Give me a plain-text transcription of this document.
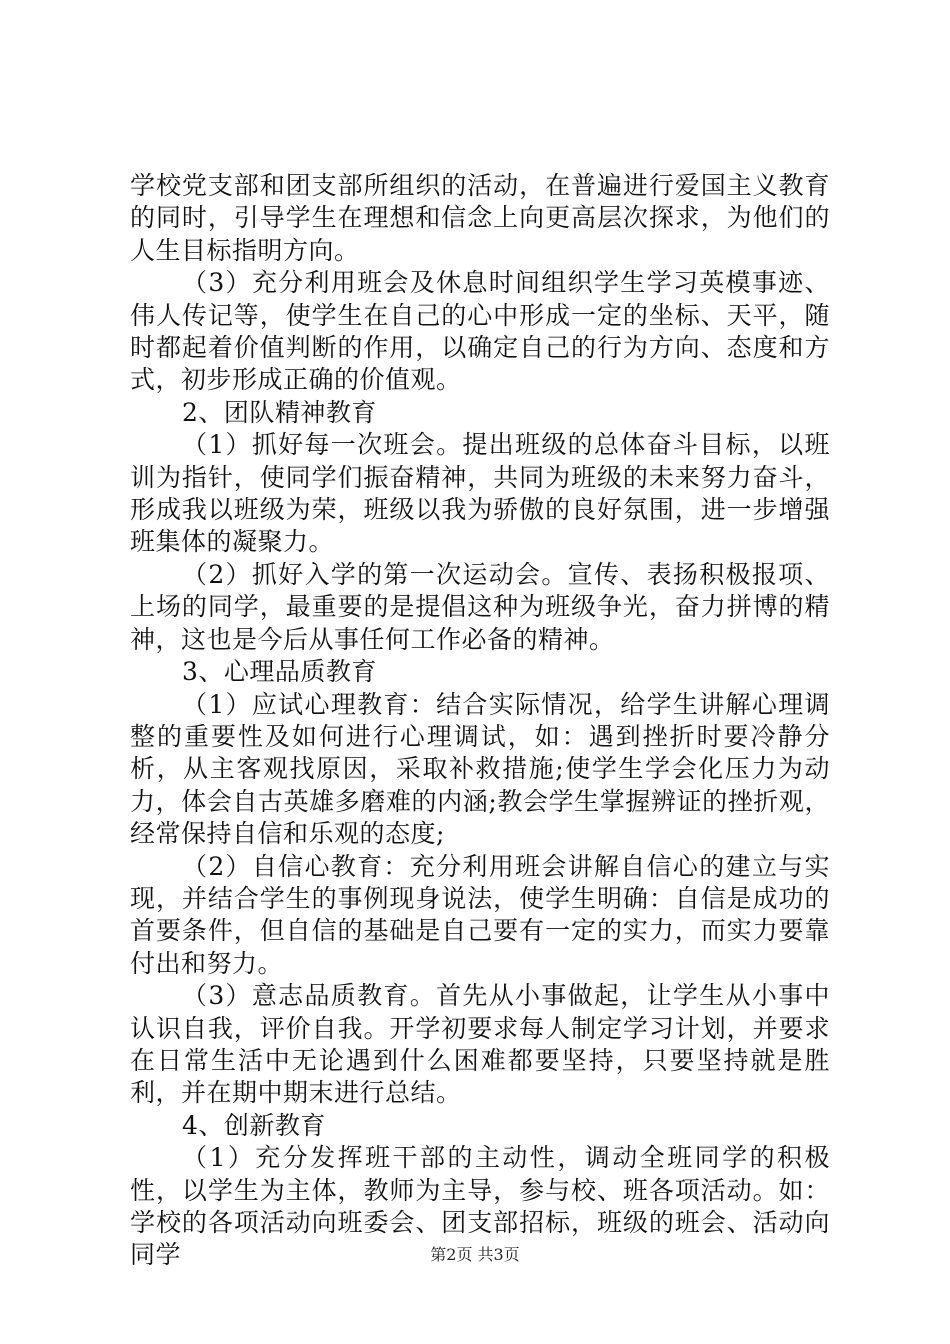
学校党支部和团支部所组织的活动，在普遍进行爱国主义教育的同时，引导学生在理想和信念上向更高层次探求，为他们的人生目标指明方向。

（3）充分利用班会及休息时间组织学生学习英模事迹、伟人传记等，使学生在自己的心中形成一定的坐标、天平，随时都起着价值判断的作用，以确定自己的行为方向、态度和方式，初步形成正确的价值观。

2、团队精神教育

（1）抓好每一次班会。提出班级的总体奋斗目标，以班训为指针，使同学们振奋精神，共同为班级的未来努力奋斗，形成我以班级为荣，班级以我为骄傲的良好氛围，进一步增强班集体的凝聚力。

（2）抓好入学的第一次运动会。宣传、表扬积极报项、上场的同学，最重要的是提倡这种为班级争光，奋力拼博的精神，这也是今后从事任何工作必备的精神。

3、心理品质教育

（1）应试心理教育：结合实际情况，给学生讲解心理调整的重要性及如何进行心理调试，如：遇到挫折时要冷静分析，从主客观找原因，采取补救措施;使学生学会化压力为动力，体会自古英雄多磨难的内涵;教会学生掌握辨证的挫折观，经常保持自信和乐观的态度;

（2）自信心教育：充分利用班会讲解自信心的建立与实现，并结合学生的事例现身说法，使学生明确：自信是成功的首要条件，但自信的基础是自己要有一定的实力，而实力要靠付出和努力。

（3）意志品质教育。首先从小事做起，让学生从小事中认识自我，评价自我。开学初要求每人制定学习计划，并要求在日常生活中无论遇到什么困难都要坚持，只要坚持就是胜利，并在期中期末进行总结。

4、创新教育

（1）充分发挥班干部的主动性，调动全班同学的积极性，以学生为主体，教师为主导，参与校、班各项活动。如：学校的各项活动向班委会、团支部招标，班级的班会、活动向同学	第2页 共3页
